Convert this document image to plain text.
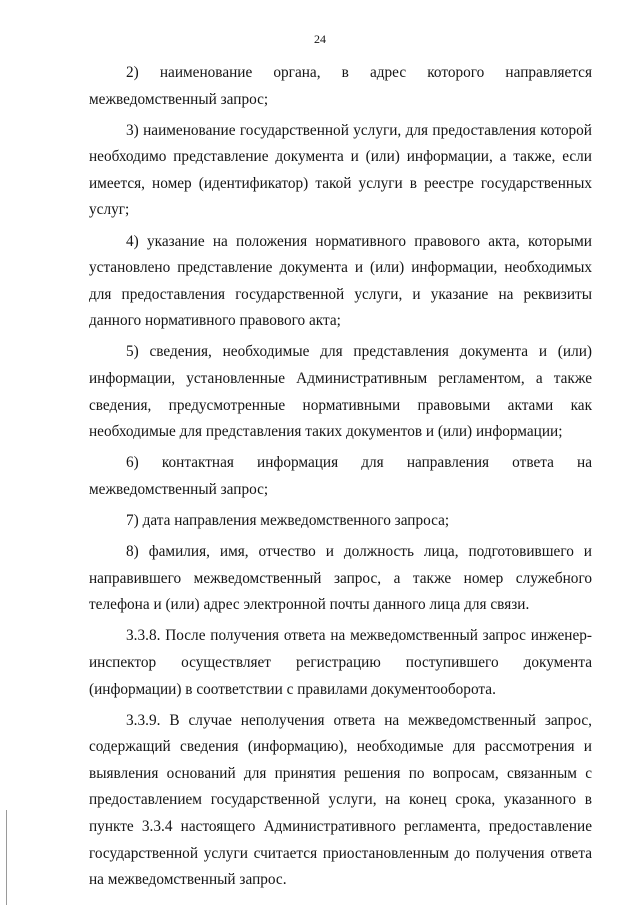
24

2) наименование органа, в адрес которого направляется межведомственный запрос;

3) наименование государственной услуги, для предоставления которой необходимо представление документа и (или) информации, а также, если имеется, номер (идентификатор) такой услуги в реестре государственных услуг;

4) указание на положения нормативного правового акта, которыми установлено представление документа и (или) информации, необходимых для предоставления государственной услуги, и указание на реквизиты данного нормативного правового акта;

5) сведения, необходимые для представления документа и (или) информации, установленные Административным регламентом, а также сведения, предусмотренные нормативными правовыми актами как необходимые для представления таких документов и (или) информации;

6) контактная информация для направления ответа на межведомственный запрос;

7) дата направления межведомственного запроса;

8) фамилия, имя, отчество и должность лица, подготовившего и направившего межведомственный запрос, а также номер служебного телефона и (или) адрес электронной почты данного лица для связи.

3.3.8. После получения ответа на межведомственный запрос инженер-инспектор осуществляет регистрацию поступившего документа (информации) в соответствии с правилами документооборота.

3.3.9. В случае неполучения ответа на межведомственный запрос, содержащий сведения (информацию), необходимые для рассмотрения и выявления оснований для принятия решения по вопросам, связанным с предоставлением государственной услуги, на конец срока, указанного в пункте 3.3.4 настоящего Административного регламента, предоставление государственной услуги считается приостановленным до получения ответа на межведомственный запрос.
